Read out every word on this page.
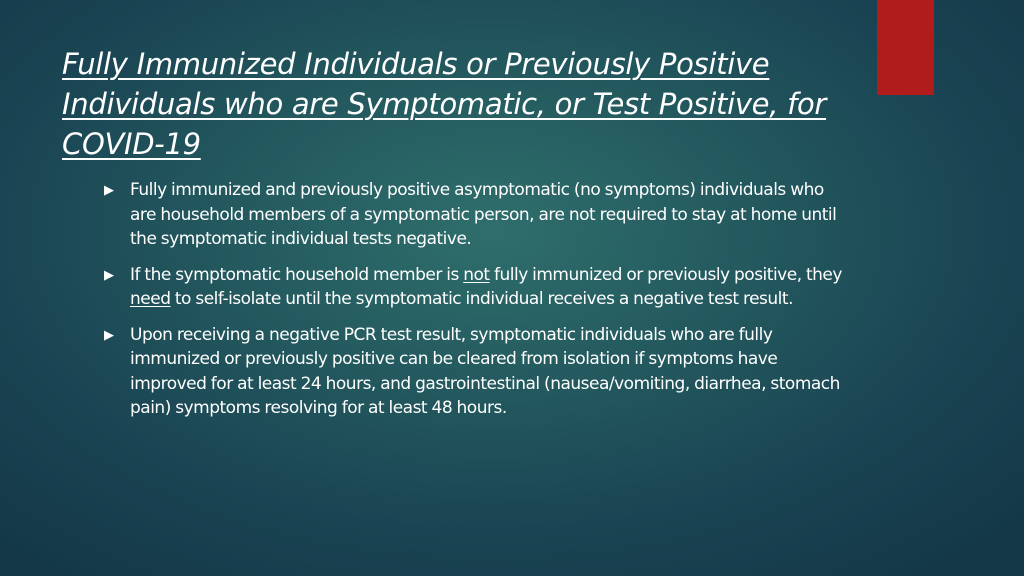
Fully Immunized Individuals or Previously Positive Individuals who are Symptomatic, or Test Positive, for COVID-19
▶ Fully immunized and previously positive asymptomatic (no symptoms) individuals who are household members of a symptomatic person, are not required to stay at home until the symptomatic individual tests negative.
▶ If the symptomatic household member is not fully immunized or previously positive, they need to self-isolate until the symptomatic individual receives a negative test result.
▶ Upon receiving a negative PCR test result, symptomatic individuals who are fully immunized or previously positive can be cleared from isolation if symptoms have improved for at least 24 hours, and gastrointestinal (nausea/vomiting, diarrhea, stomach pain) symptoms resolving for at least 48 hours.
